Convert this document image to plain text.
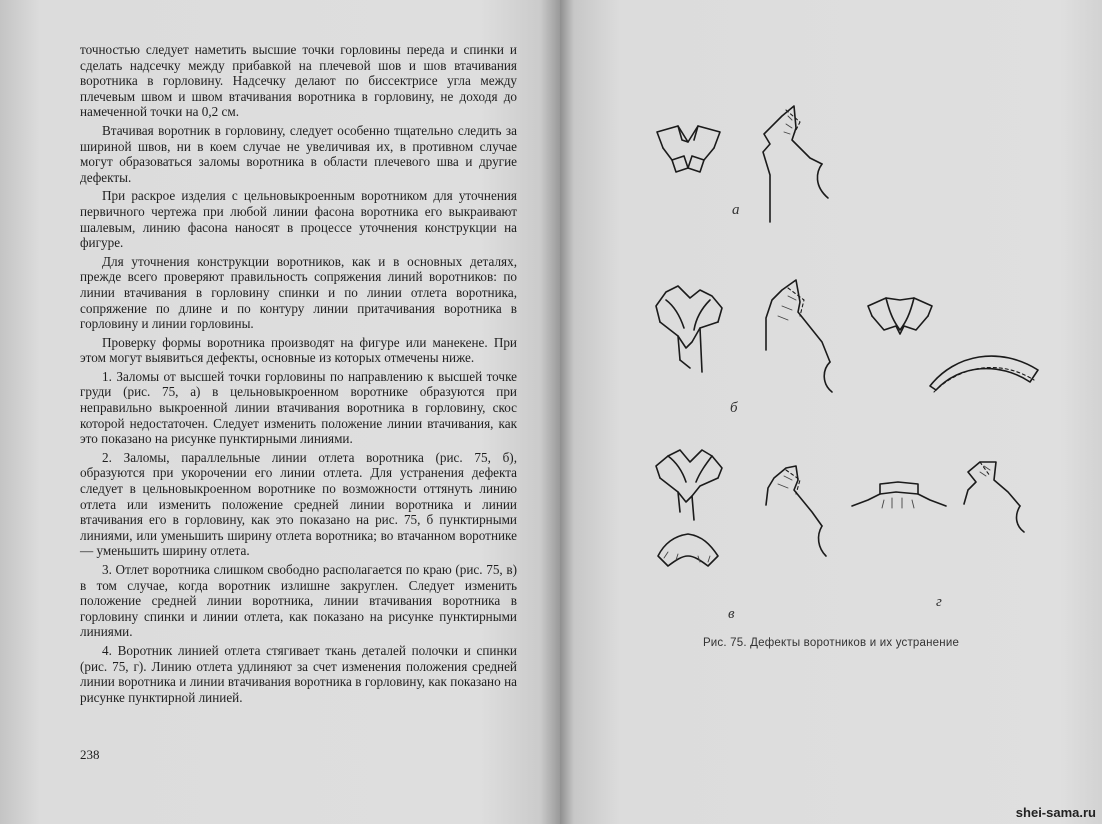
точностью следует наметить высшие точки горловины переда и спинки и сделать надсечку между прибавкой на плечевой шов и шов втачивания воротника в горловину. Надсечку делают по биссектрисе угла между плечевым швом и швом втачивания воротника в горловину, не доходя до намеченной точки на 0,2 см.

Втачивая воротник в горловину, следует особенно тщательно следить за шириной швов, ни в коем случае не увеличивая их, в противном случае могут образоваться заломы воротника в области плечевого шва и другие дефекты.

При раскрое изделия с цельновыкроенным воротником для уточнения первичного чертежа при любой линии фасона воротника его выкраивают шалевым, линию фасона наносят в процессе уточнения конструкции на фигуре.

Для уточнения конструкции воротников, как и в основных деталях, прежде всего проверяют правильность сопряжения линий воротников: по линии втачивания в горловину спинки и по линии отлета воротника, сопряжение по длине и по контуру линии притачивания воротника в горловину и линии горловины.

Проверку формы воротника производят на фигуре или манекене. При этом могут выявиться дефекты, основные из которых отмечены ниже.

1. Заломы от высшей точки горловины по направлению к высшей точке груди (рис. 75, а) в цельновыкроенном воротнике образуются при неправильно выкроенной линии втачивания воротника в горловину, скос которой недостаточен. Следует изменить положение линии втачивания, как это показано на рисунке пунктирными линиями.

2. Заломы, параллельные линии отлета воротника (рис. 75, б), образуются при укорочении его линии отлета. Для устранения дефекта следует в цельновыкроенном воротнике по возможности оттянуть линию отлета или изменить положение средней линии воротника и линии втачивания его в горловину, как это показано на рис. 75, б пунктирными линиями, или уменьшить ширину отлета воротника; во втачанном воротнике — уменьшить ширину отлета.

3. Отлет воротника слишком свободно располагается по краю (рис. 75, в) в том случае, когда воротник излишне закруглен. Следует изменить положение средней линии воротника, линии втачивания воротника в горловину спинки и линии отлета, как показано на рисунке пунктирными линиями.

4. Воротник линией отлета стягивает ткань деталей полочки и спинки (рис. 75, г). Линию отлета удлиняют за счет изменения положения средней линии воротника и линии втачивания воротника в горловину, как показано на рисунке пунктирной линией.

238
а
б
в
г
Рис. 75. Дефекты воротников и их устранение
shei-sama.ru
